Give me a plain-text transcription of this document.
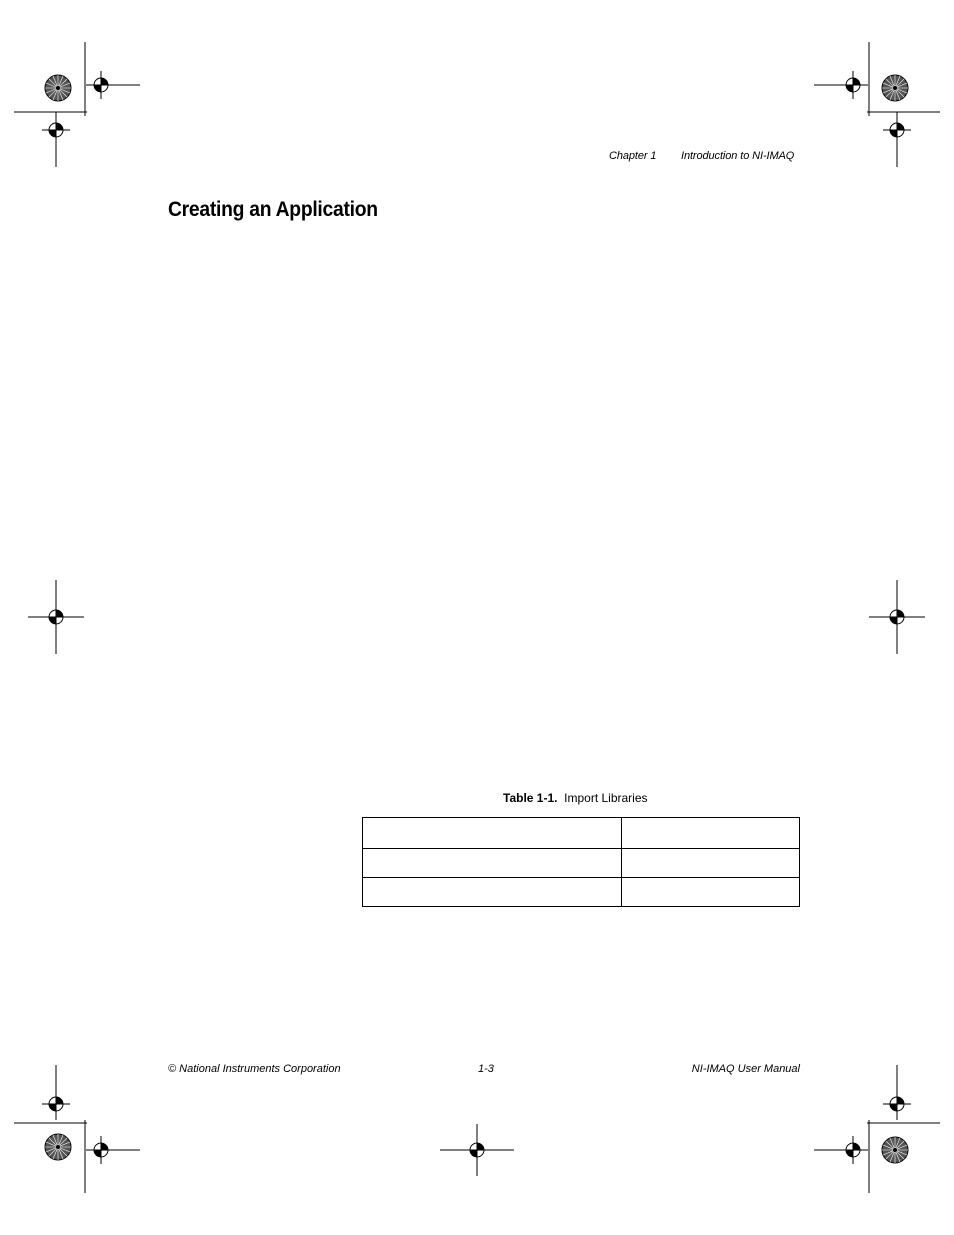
Chapter 1 Introduction to NI-IMAQ
Creating an Application
Table 1-1. Import Libraries

© National Instruments Corporation	1-3	NI-IMAQ User Manual
